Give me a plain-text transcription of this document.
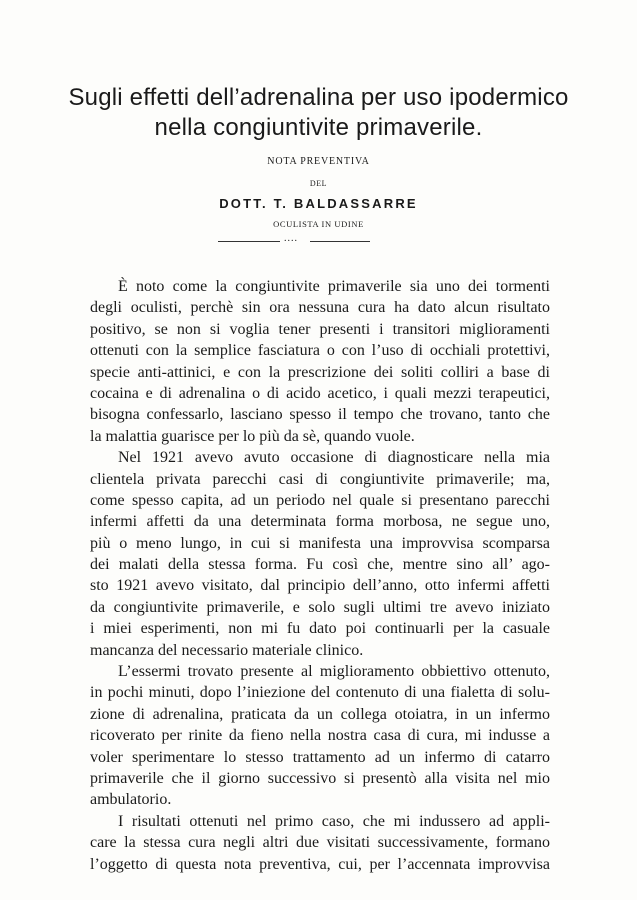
Sugli effetti dell’adrenalina per uso ipodermico
nella congiuntivite primaverile.
NOTA PREVENTIVA
DEL
DOTT. T. BALDASSARRE
OCULISTA IN UDINE
....
È noto come la congiuntivite primaverile sia uno dei tormenti
degli oculisti, perchè sin ora nessuna cura ha dato alcun risultato
positivo, se non si voglia tener presenti i transitori miglioramenti
ottenuti con la semplice fasciatura o con l’uso di occhiali protettivi,
specie anti-attinici, e con la prescrizione dei soliti colliri a base di
cocaina e di adrenalina o di acido acetico, i quali mezzi terapeutici,
bisogna confessarlo, lasciano spesso il tempo che trovano, tanto che
la malattia guarisce per lo più da sè, quando vuole.
Nel 1921 avevo avuto occasione di diagnosticare nella mia
clientela privata parecchi casi di congiuntivite primaverile; ma,
come spesso capita, ad un periodo nel quale si presentano parecchi
infermi affetti da una determinata forma morbosa, ne segue uno,
più o meno lungo, in cui si manifesta una improvvisa scomparsa
dei malati della stessa forma. Fu così che, mentre sino all’ ago-
sto 1921 avevo visitato, dal principio dell’anno, otto infermi affetti
da congiuntivite primaverile, e solo sugli ultimi tre avevo iniziato
i miei esperimenti, non mi fu dato poi continuarli per la casuale
mancanza del necessario materiale clinico.
L’essermi trovato presente al miglioramento obbiettivo ottenuto,
in pochi minuti, dopo l’iniezione del contenuto di una fialetta di solu-
zione di adrenalina, praticata da un collega otoiatra, in un infermo
ricoverato per rinite da fieno nella nostra casa di cura, mi indusse a
voler sperimentare lo stesso trattamento ad un infermo di catarro
primaverile che il giorno successivo si presentò alla visita nel mio
ambulatorio.
I risultati ottenuti nel primo caso, che mi indussero ad appli-
care la stessa cura negli altri due visitati successivamente, formano
l’oggetto di questa nota preventiva, cui, per l’accennata improvvisa
